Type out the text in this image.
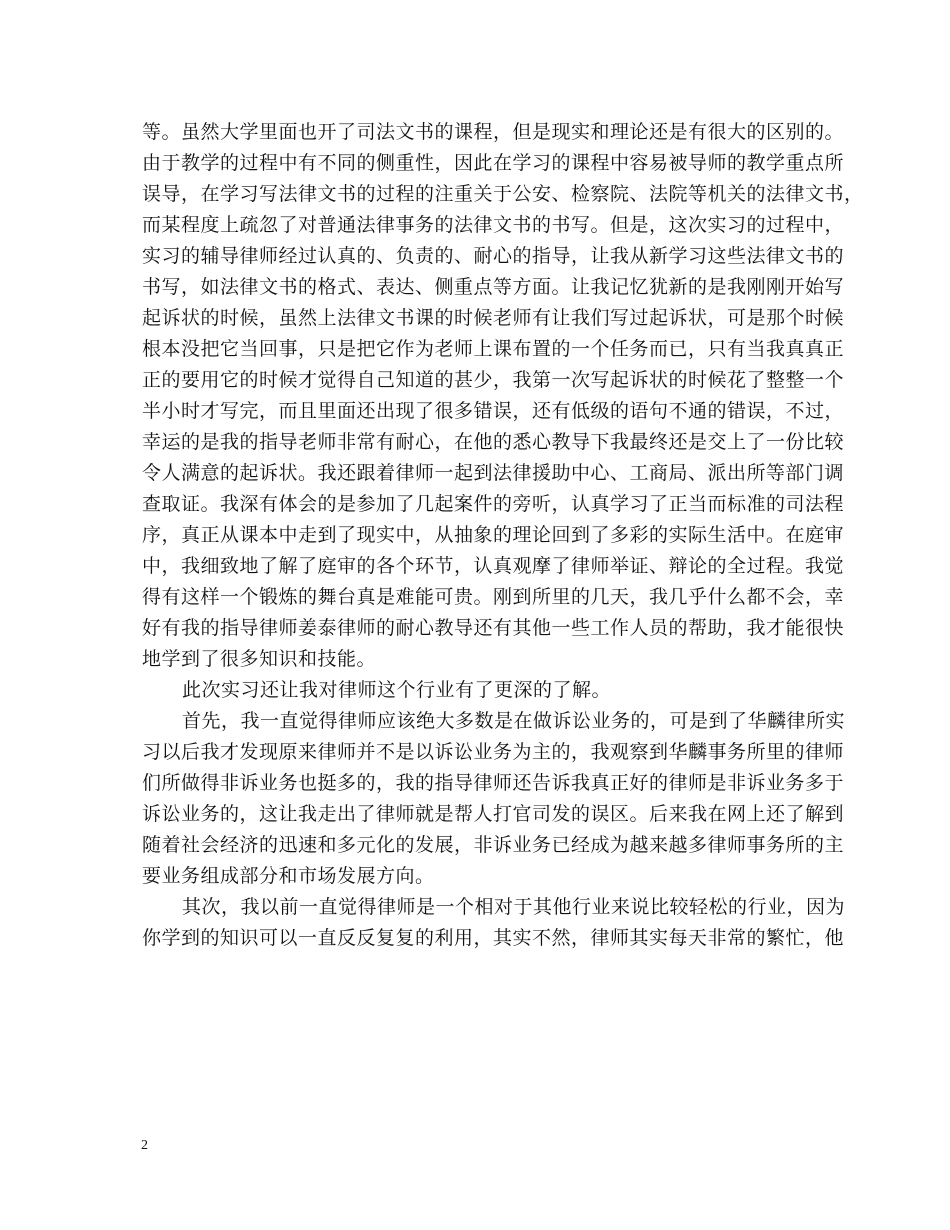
等。虽然大学里面也开了司法文书的课程，但是现实和理论还是有很大的区别的。
由于教学的过程中有不同的侧重性，因此在学习的课程中容易被导师的教学重点所
误导，在学习写法律文书的过程的注重关于公安、检察院、法院等机关的法律文书，
而某程度上疏忽了对普通法律事务的法律文书的书写。但是，这次实习的过程中，
实习的辅导律师经过认真的、负责的、耐心的指导，让我从新学习这些法律文书的
书写，如法律文书的格式、表达、侧重点等方面。让我记忆犹新的是我刚刚开始写
起诉状的时候，虽然上法律文书课的时候老师有让我们写过起诉状，可是那个时候
根本没把它当回事，只是把它作为老师上课布置的一个任务而已，只有当我真真正
正的要用它的时候才觉得自己知道的甚少，我第一次写起诉状的时候花了整整一个
半小时才写完，而且里面还出现了很多错误，还有低级的语句不通的错误，不过，
幸运的是我的指导老师非常有耐心，在他的悉心教导下我最终还是交上了一份比较
令人满意的起诉状。我还跟着律师一起到法律援助中心、工商局、派出所等部门调
查取证。我深有体会的是参加了几起案件的旁听，认真学习了正当而标准的司法程
序，真正从课本中走到了现实中，从抽象的理论回到了多彩的实际生活中。在庭审
中，我细致地了解了庭审的各个环节，认真观摩了律师举证、辩论的全过程。我觉
得有这样一个锻炼的舞台真是难能可贵。刚到所里的几天，我几乎什么都不会，幸
好有我的指导律师姜泰律师的耐心教导还有其他一些工作人员的帮助，我才能很快
地学到了很多知识和技能。
此次实习还让我对律师这个行业有了更深的了解。
首先，我一直觉得律师应该绝大多数是在做诉讼业务的，可是到了华麟律所实
习以后我才发现原来律师并不是以诉讼业务为主的，我观察到华麟事务所里的律师
们所做得非诉业务也挺多的，我的指导律师还告诉我真正好的律师是非诉业务多于
诉讼业务的，这让我走出了律师就是帮人打官司发的误区。后来我在网上还了解到
随着社会经济的迅速和多元化的发展，非诉业务已经成为越来越多律师事务所的主
要业务组成部分和市场发展方向。
其次，我以前一直觉得律师是一个相对于其他行业来说比较轻松的行业，因为
你学到的知识可以一直反反复复的利用，其实不然，律师其实每天非常的繁忙，他
2
